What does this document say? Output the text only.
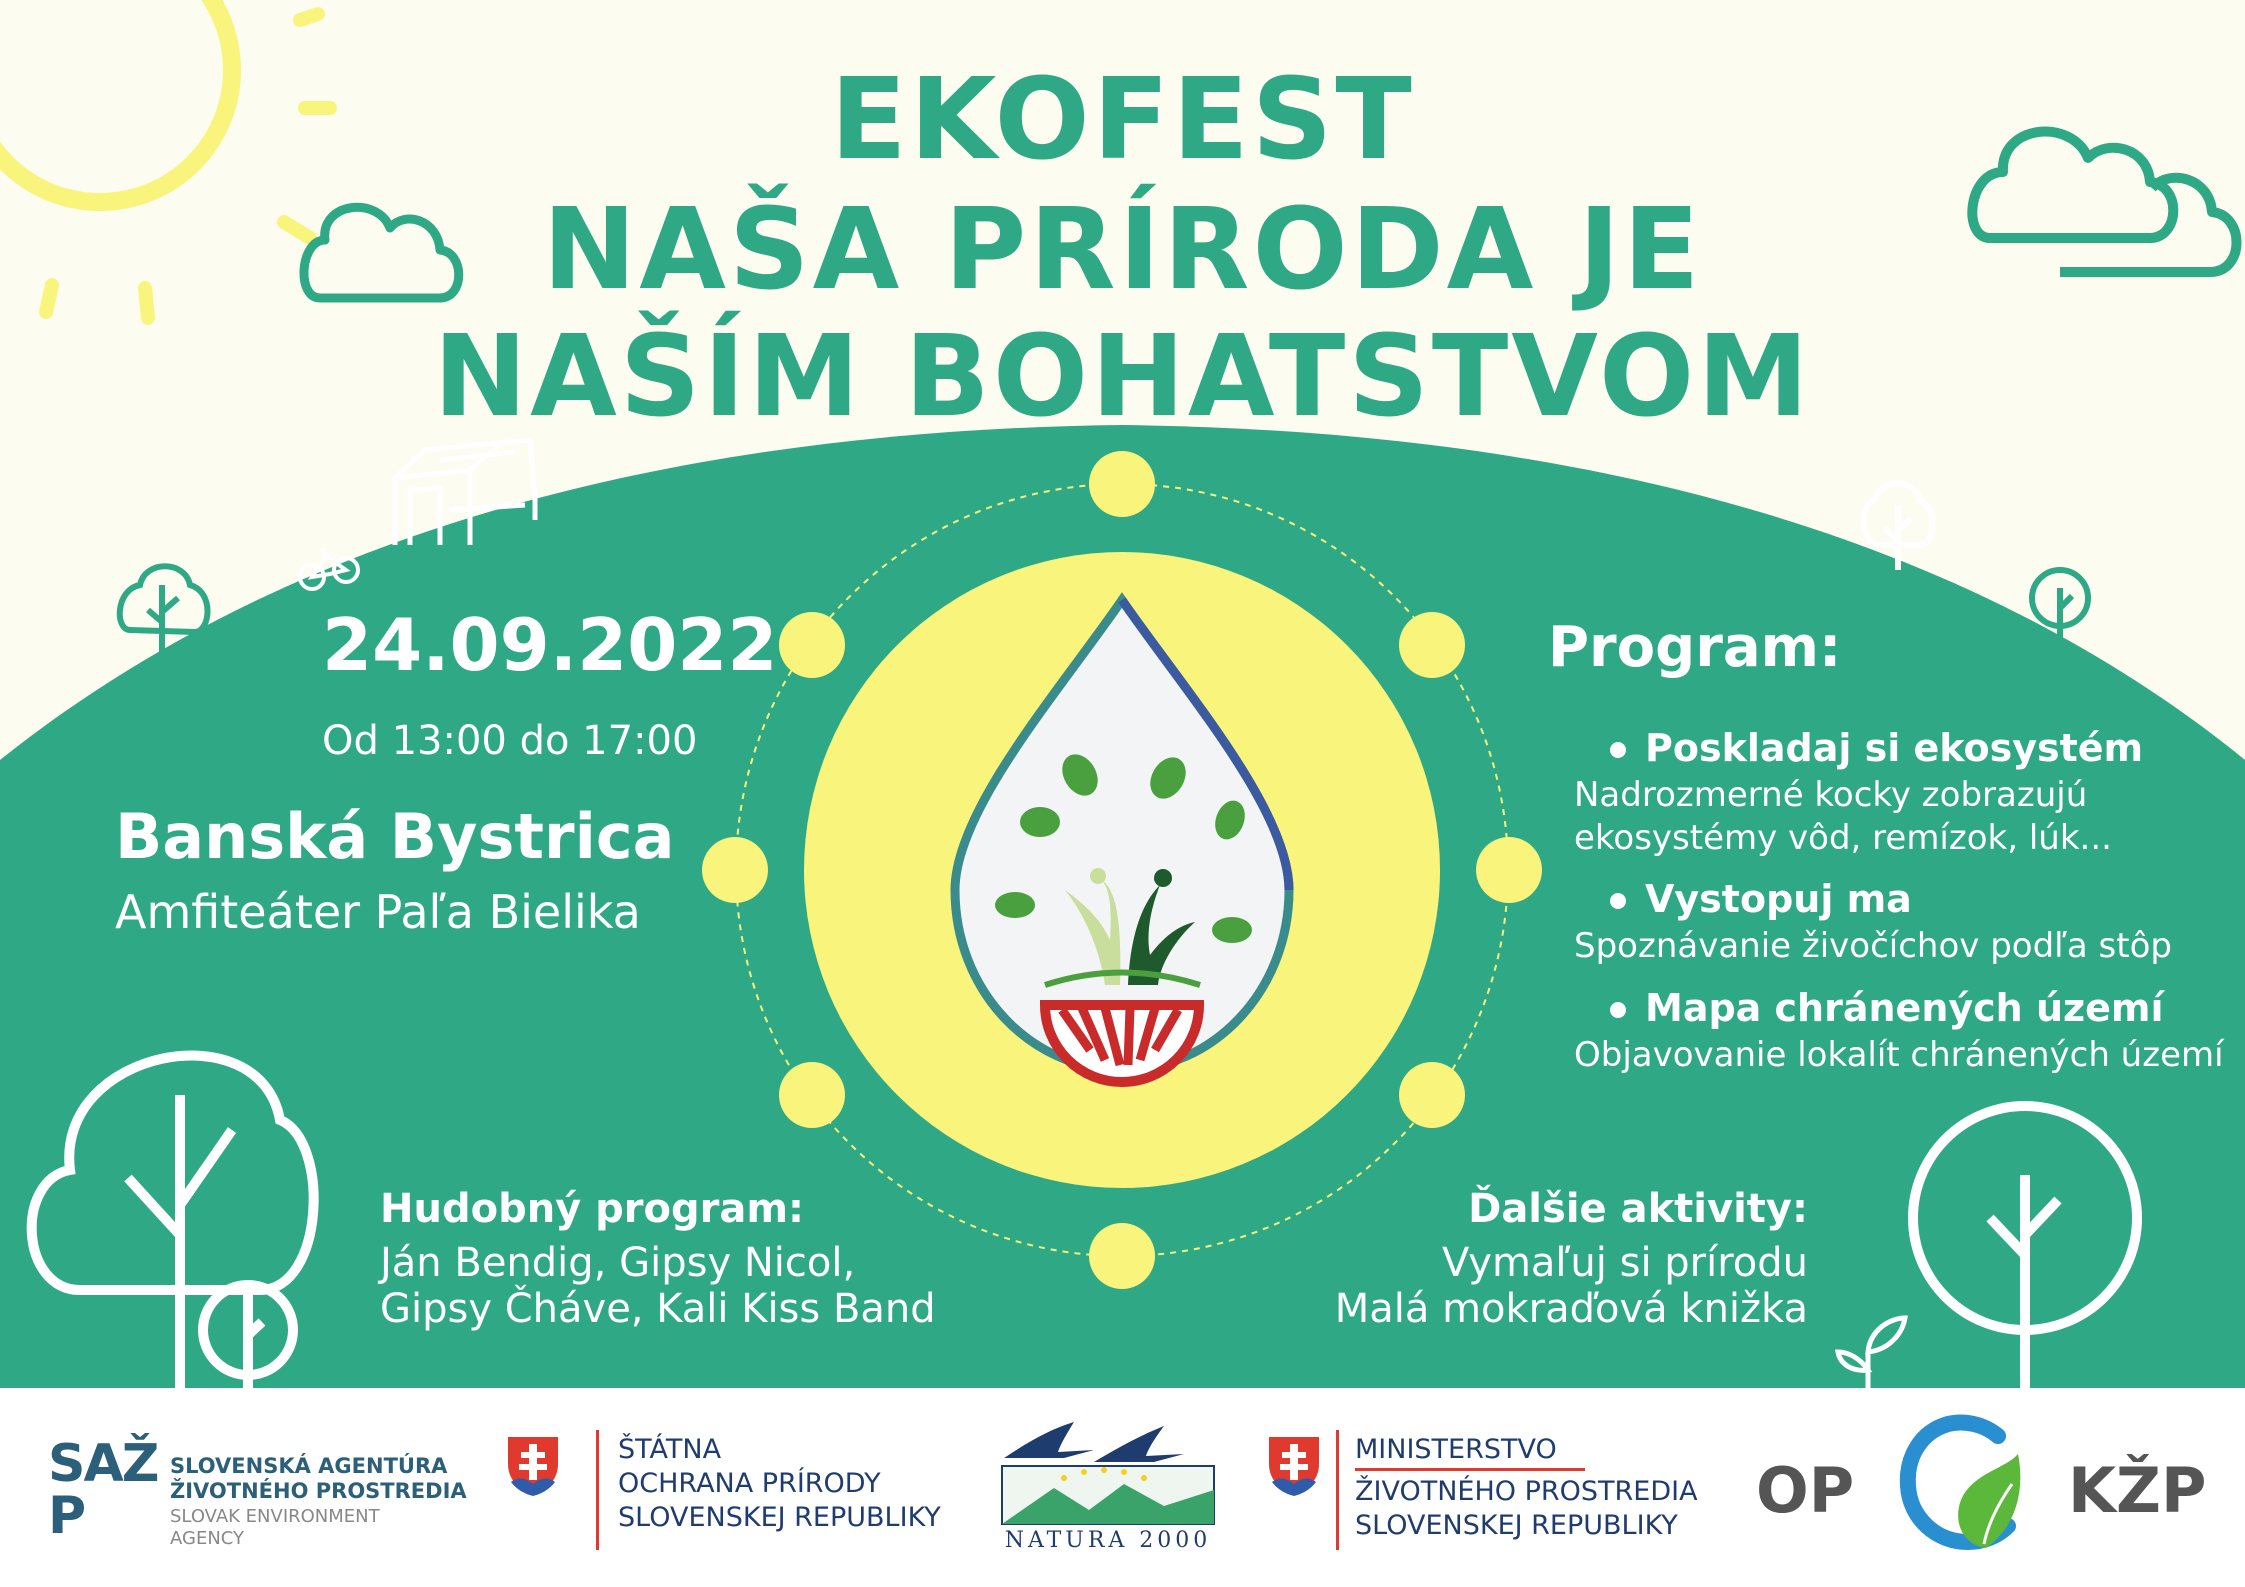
EKOFEST
NAŠA PRÍRODA JE
NAŠÍM BOHATSTVOM
24.09.2022
Od 13:00 do 17:00
Banská Bystrica
Amfiteáter Paľa Bielika
Program:
Poskladaj si ekosystém
Nadrozmerné kocky zobrazujú
ekosystémy vôd, remízok, lúk...
Vystopuj ma
Spoznávanie živočíchov podľa stôp
Mapa chránených území
Objavovanie lokalít chránených území
Hudobný program:
Ján Bendig, Gipsy Nicol,
Gipsy Čháve, Kali Kiss Band
Ďalšie aktivity:
Vymaľuj si prírodu
Malá mokraďová knižka
SAŽP
SLOVENSKÁ AGENTÚRA
ŽIVOTNÉHO PROSTREDIA
SLOVAK ENVIRONMENT
AGENCY
ŠTÁTNA
OCHRANA PRÍRODY
SLOVENSKEJ REPUBLIKY
NATURA 2000
MINISTERSTVO
ŽIVOTNÉHO PROSTREDIA
SLOVENSKEJ REPUBLIKY OP	KŽP
